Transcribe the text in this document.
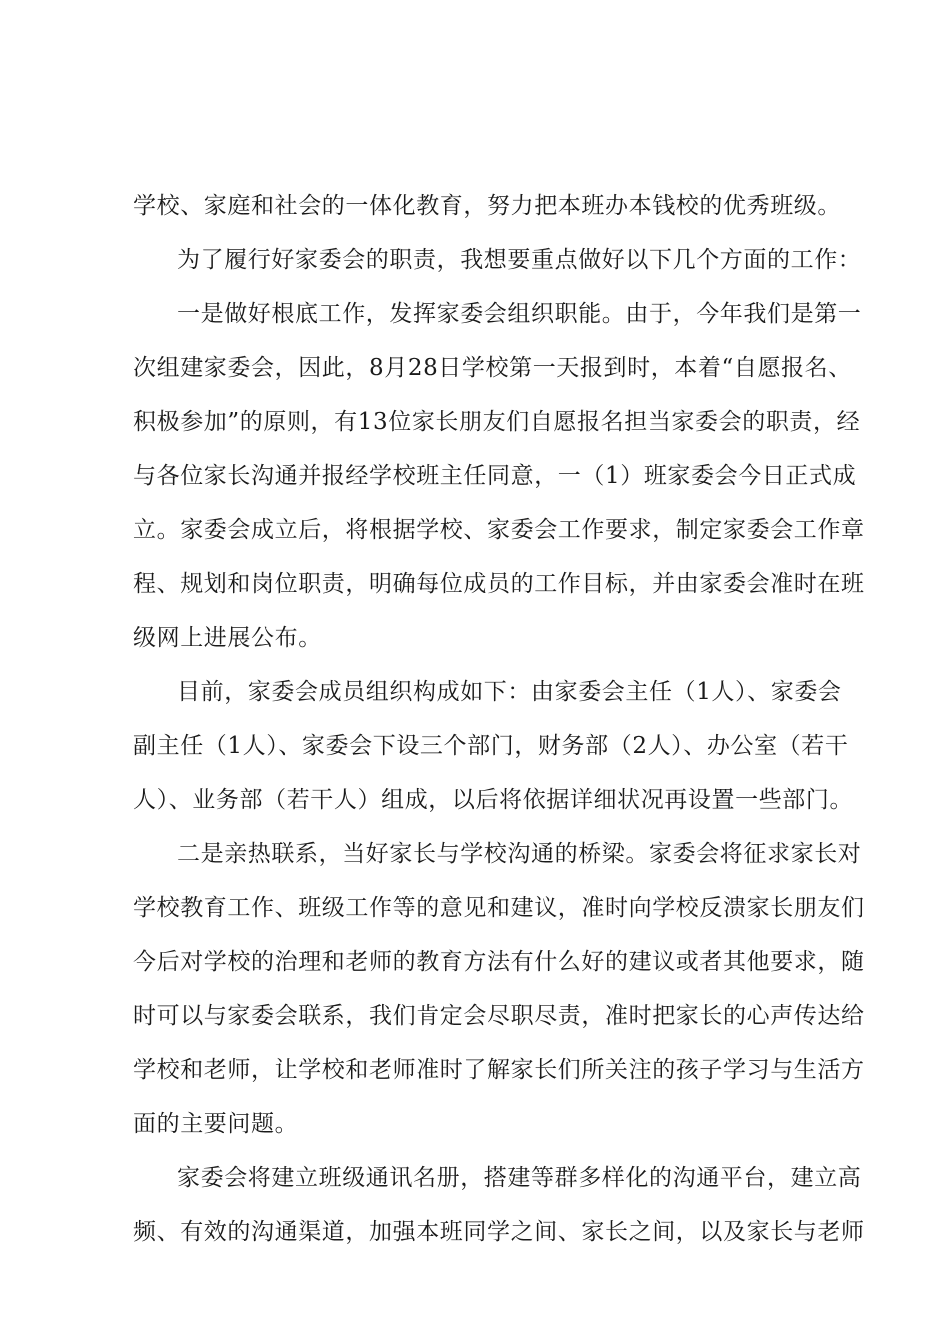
学校、家庭和社会的一体化教育，努力把本班办本钱校的优秀班级。
为了履行好家委会的职责，我想要重点做好以下几个方面的工作：
一是做好根底工作，发挥家委会组织职能。由于，今年我们是第一
次组建家委会，因此，8月28日学校第一天报到时，本着“自愿报名、
积极参加”的原则，有13位家长朋友们自愿报名担当家委会的职责，经
与各位家长沟通并报经学校班主任同意，一（1）班家委会今日正式成
立。家委会成立后，将根据学校、家委会工作要求，制定家委会工作章
程、规划和岗位职责，明确每位成员的工作目标，并由家委会准时在班
级网上进展公布。
目前，家委会成员组织构成如下：由家委会主任（1人）、家委会
副主任（1人）、家委会下设三个部门，财务部（2人）、办公室（若干
人）、业务部（若干人）组成，以后将依据详细状况再设置一些部门。
二是亲热联系，当好家长与学校沟通的桥梁。家委会将征求家长对
学校教育工作、班级工作等的意见和建议，准时向学校反溃家长朋友们
今后对学校的治理和老师的教育方法有什么好的建议或者其他要求，随
时可以与家委会联系，我们肯定会尽职尽责，准时把家长的心声传达给
学校和老师，让学校和老师准时了解家长们所关注的孩子学习与生活方
面的主要问题。
家委会将建立班级通讯名册，搭建等群多样化的沟通平台，建立高
频、有效的沟通渠道，加强本班同学之间、家长之间，以及家长与老师
